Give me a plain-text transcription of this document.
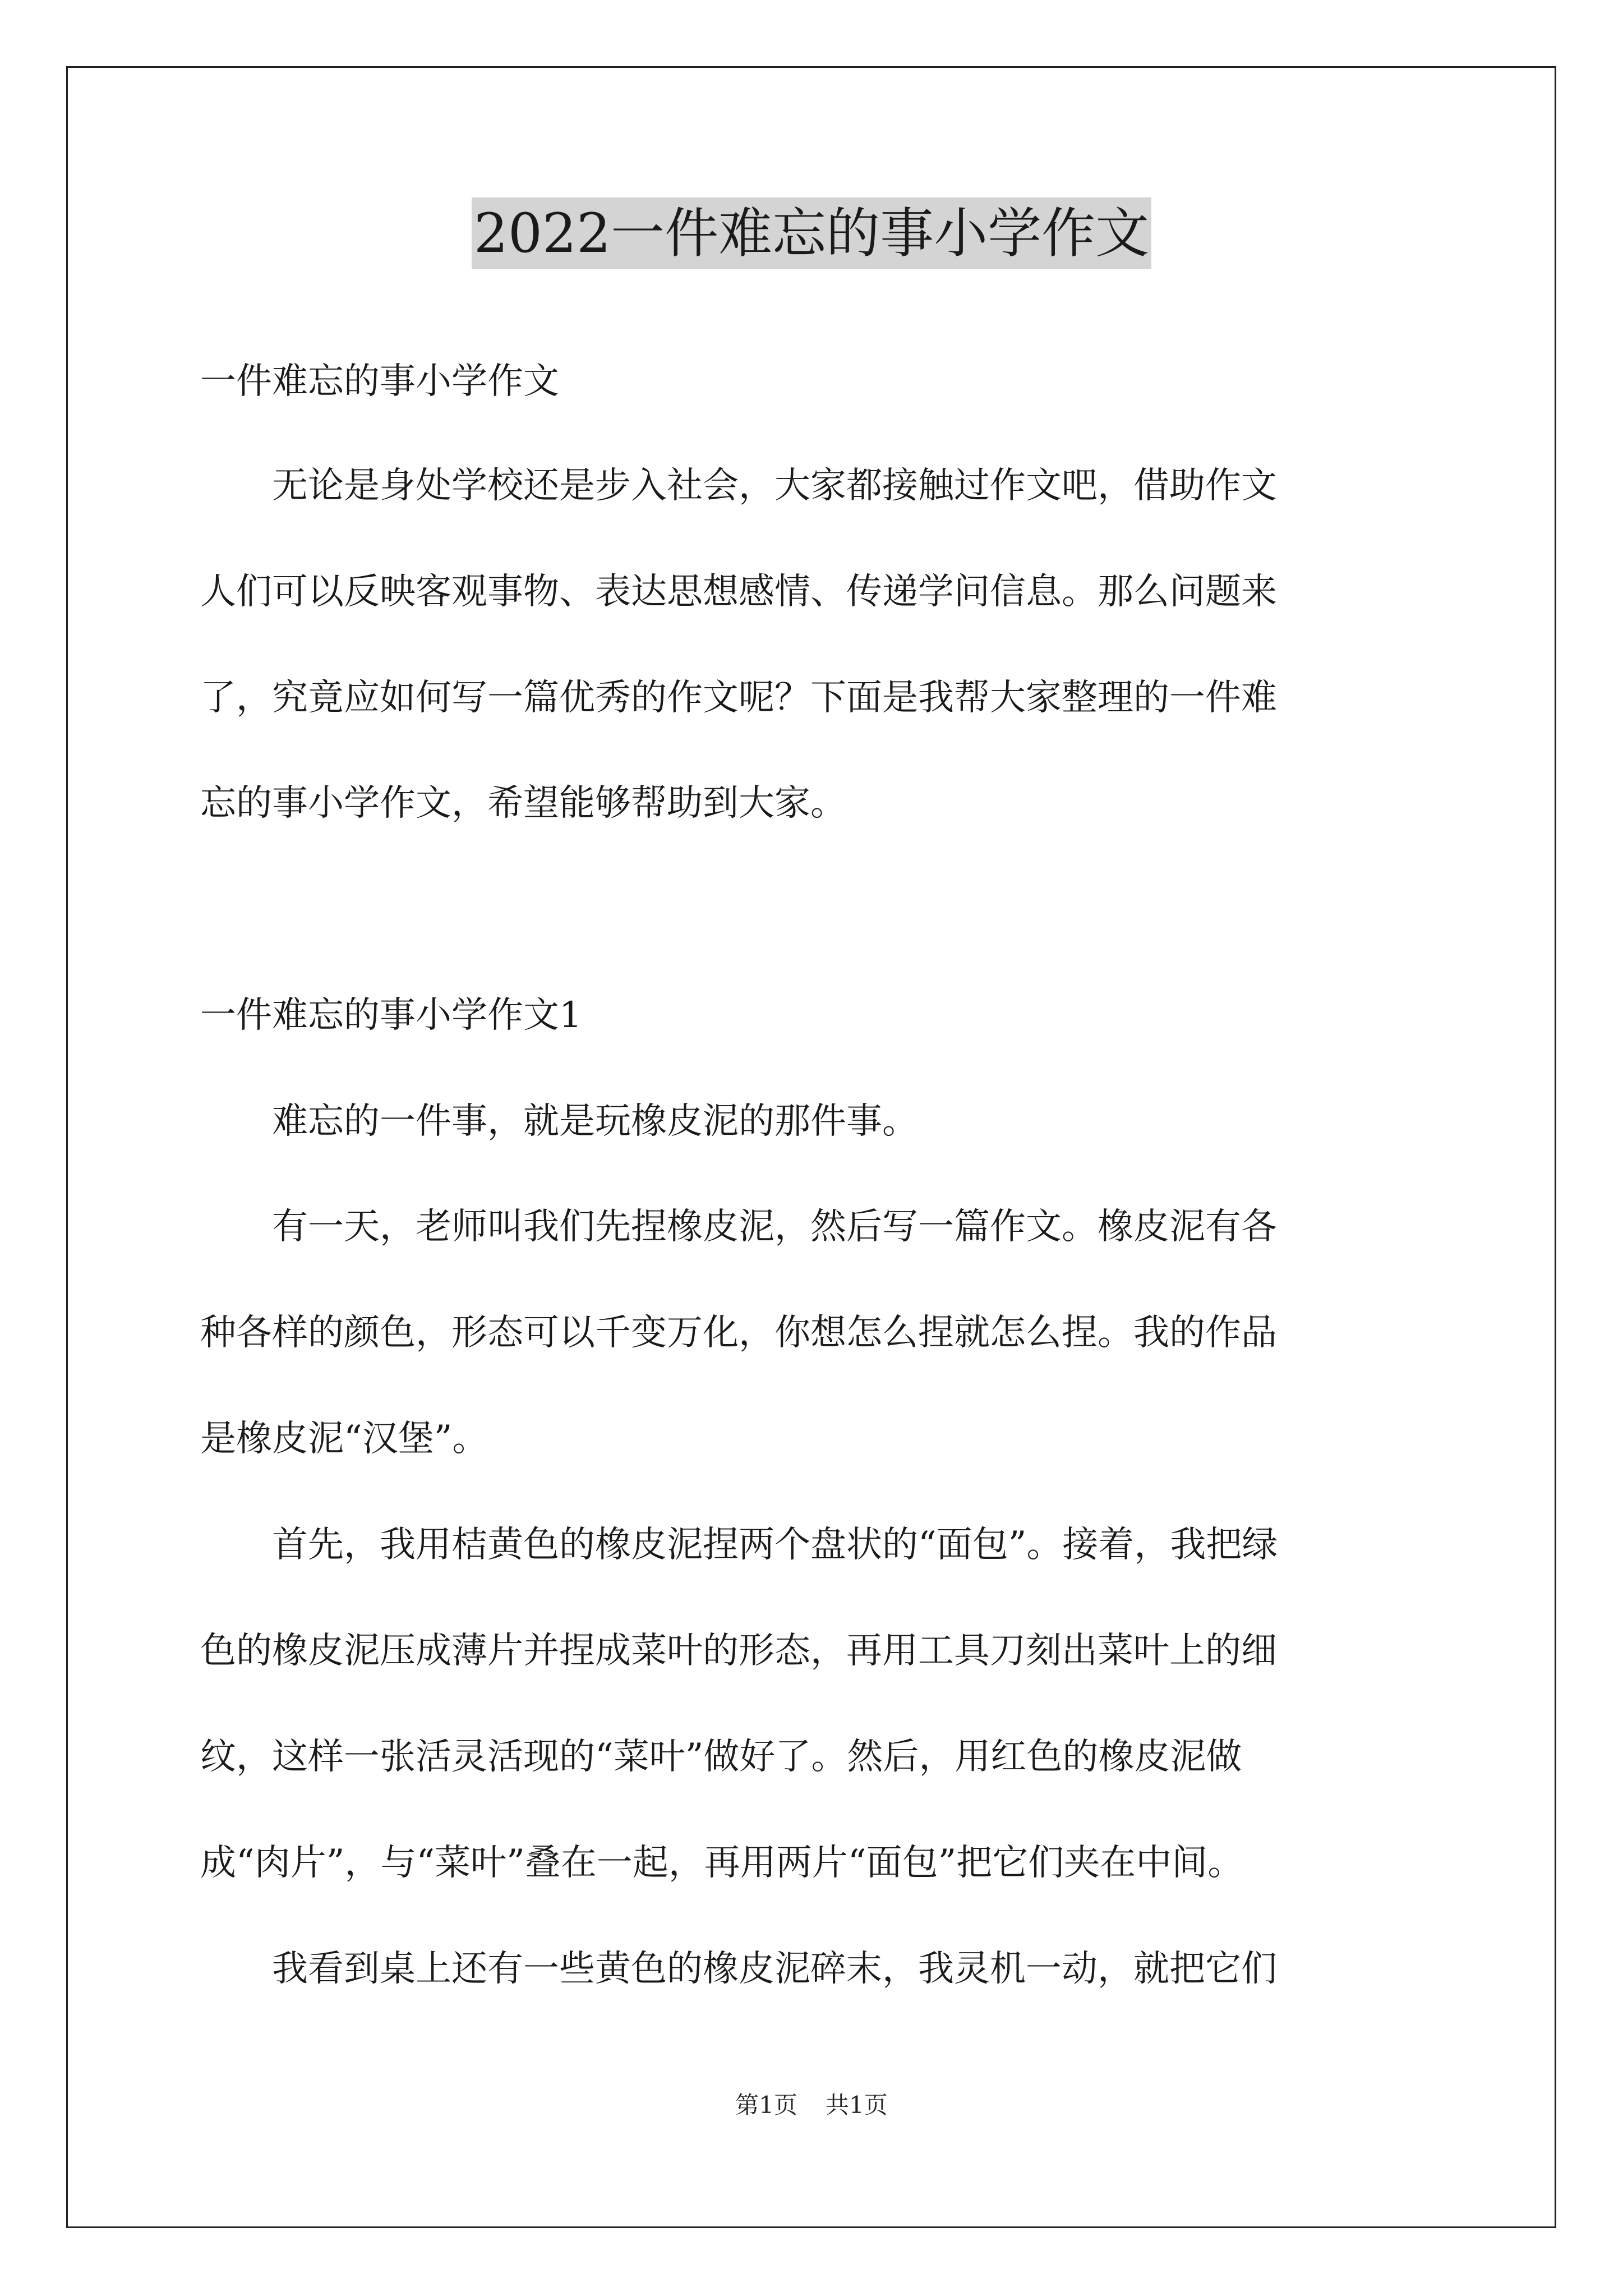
2022一件难忘的事小学作文
一件难忘的事小学作文
　　无论是身处学校还是步入社会，大家都接触过作文吧，借助作文
人们可以反映客观事物、表达思想感情、传递学问信息。那么问题来
了，究竟应如何写一篇优秀的作文呢？下面是我帮大家整理的一件难
忘的事小学作文，希望能够帮助到大家。
一件难忘的事小学作文1
　　难忘的一件事，就是玩橡皮泥的那件事。
　　有一天，老师叫我们先捏橡皮泥，然后写一篇作文。橡皮泥有各
种各样的颜色，形态可以千变万化，你想怎么捏就怎么捏。我的作品
是橡皮泥“汉堡”。
　　首先，我用桔黄色的橡皮泥捏两个盘状的“面包”。接着，我把绿
色的橡皮泥压成薄片并捏成菜叶的形态，再用工具刀刻出菜叶上的细
纹，这样一张活灵活现的“菜叶”做好了。然后，用红色的橡皮泥做
成“肉片”，与“菜叶”叠在一起，再用两片“面包”把它们夹在中间。
　　我看到桌上还有一些黄色的橡皮泥碎末，我灵机一动，就把它们
第1页 共1页
